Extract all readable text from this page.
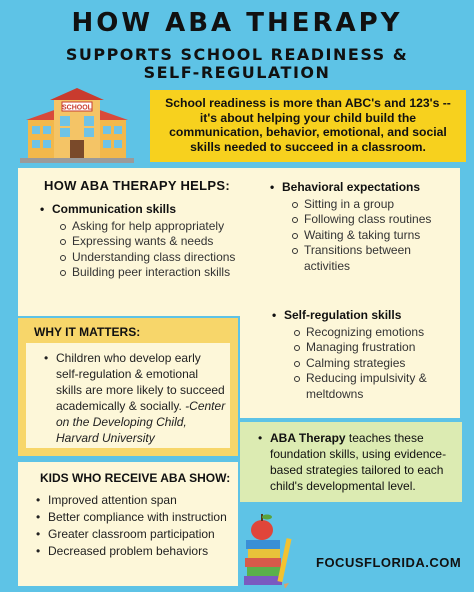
HOW ABA THERAPY
SUPPORTS SCHOOL READINESS &
SELF-REGULATION
SCHOOL	School readiness is more than ABC's and 123's -- it's about helping your child build the communication, behavior, emotional, and social skills needed to succeed in a classroom.
HOW ABA THERAPY HELPS:
• Communication skills
Asking for help appropriately
Expressing wants & needs
Understanding class directions
Building peer interaction skills
• Behavioral expectations
Sitting in a group
Following class routines
Waiting & taking turns
Transitions between activities
• Self-regulation skills
Recognizing emotions
Managing frustration
Calming strategies
Reducing impulsivity & meltdowns
WHY IT MATTERS:
• Children who develop early self-regulation & emotional skills are more likely to succeed academically & socially. -Center on the Developing Child, Harvard University
•	ABA Therapy teaches these foundation skills, using evidence-based strategies tailored to each child's developmental level.
KIDS WHO RECEIVE ABA SHOW:
• Improved attention span
• Better compliance with instruction
• Greater classroom participation
• Decreased problem behaviors
FOCUSFLORIDA.COM
